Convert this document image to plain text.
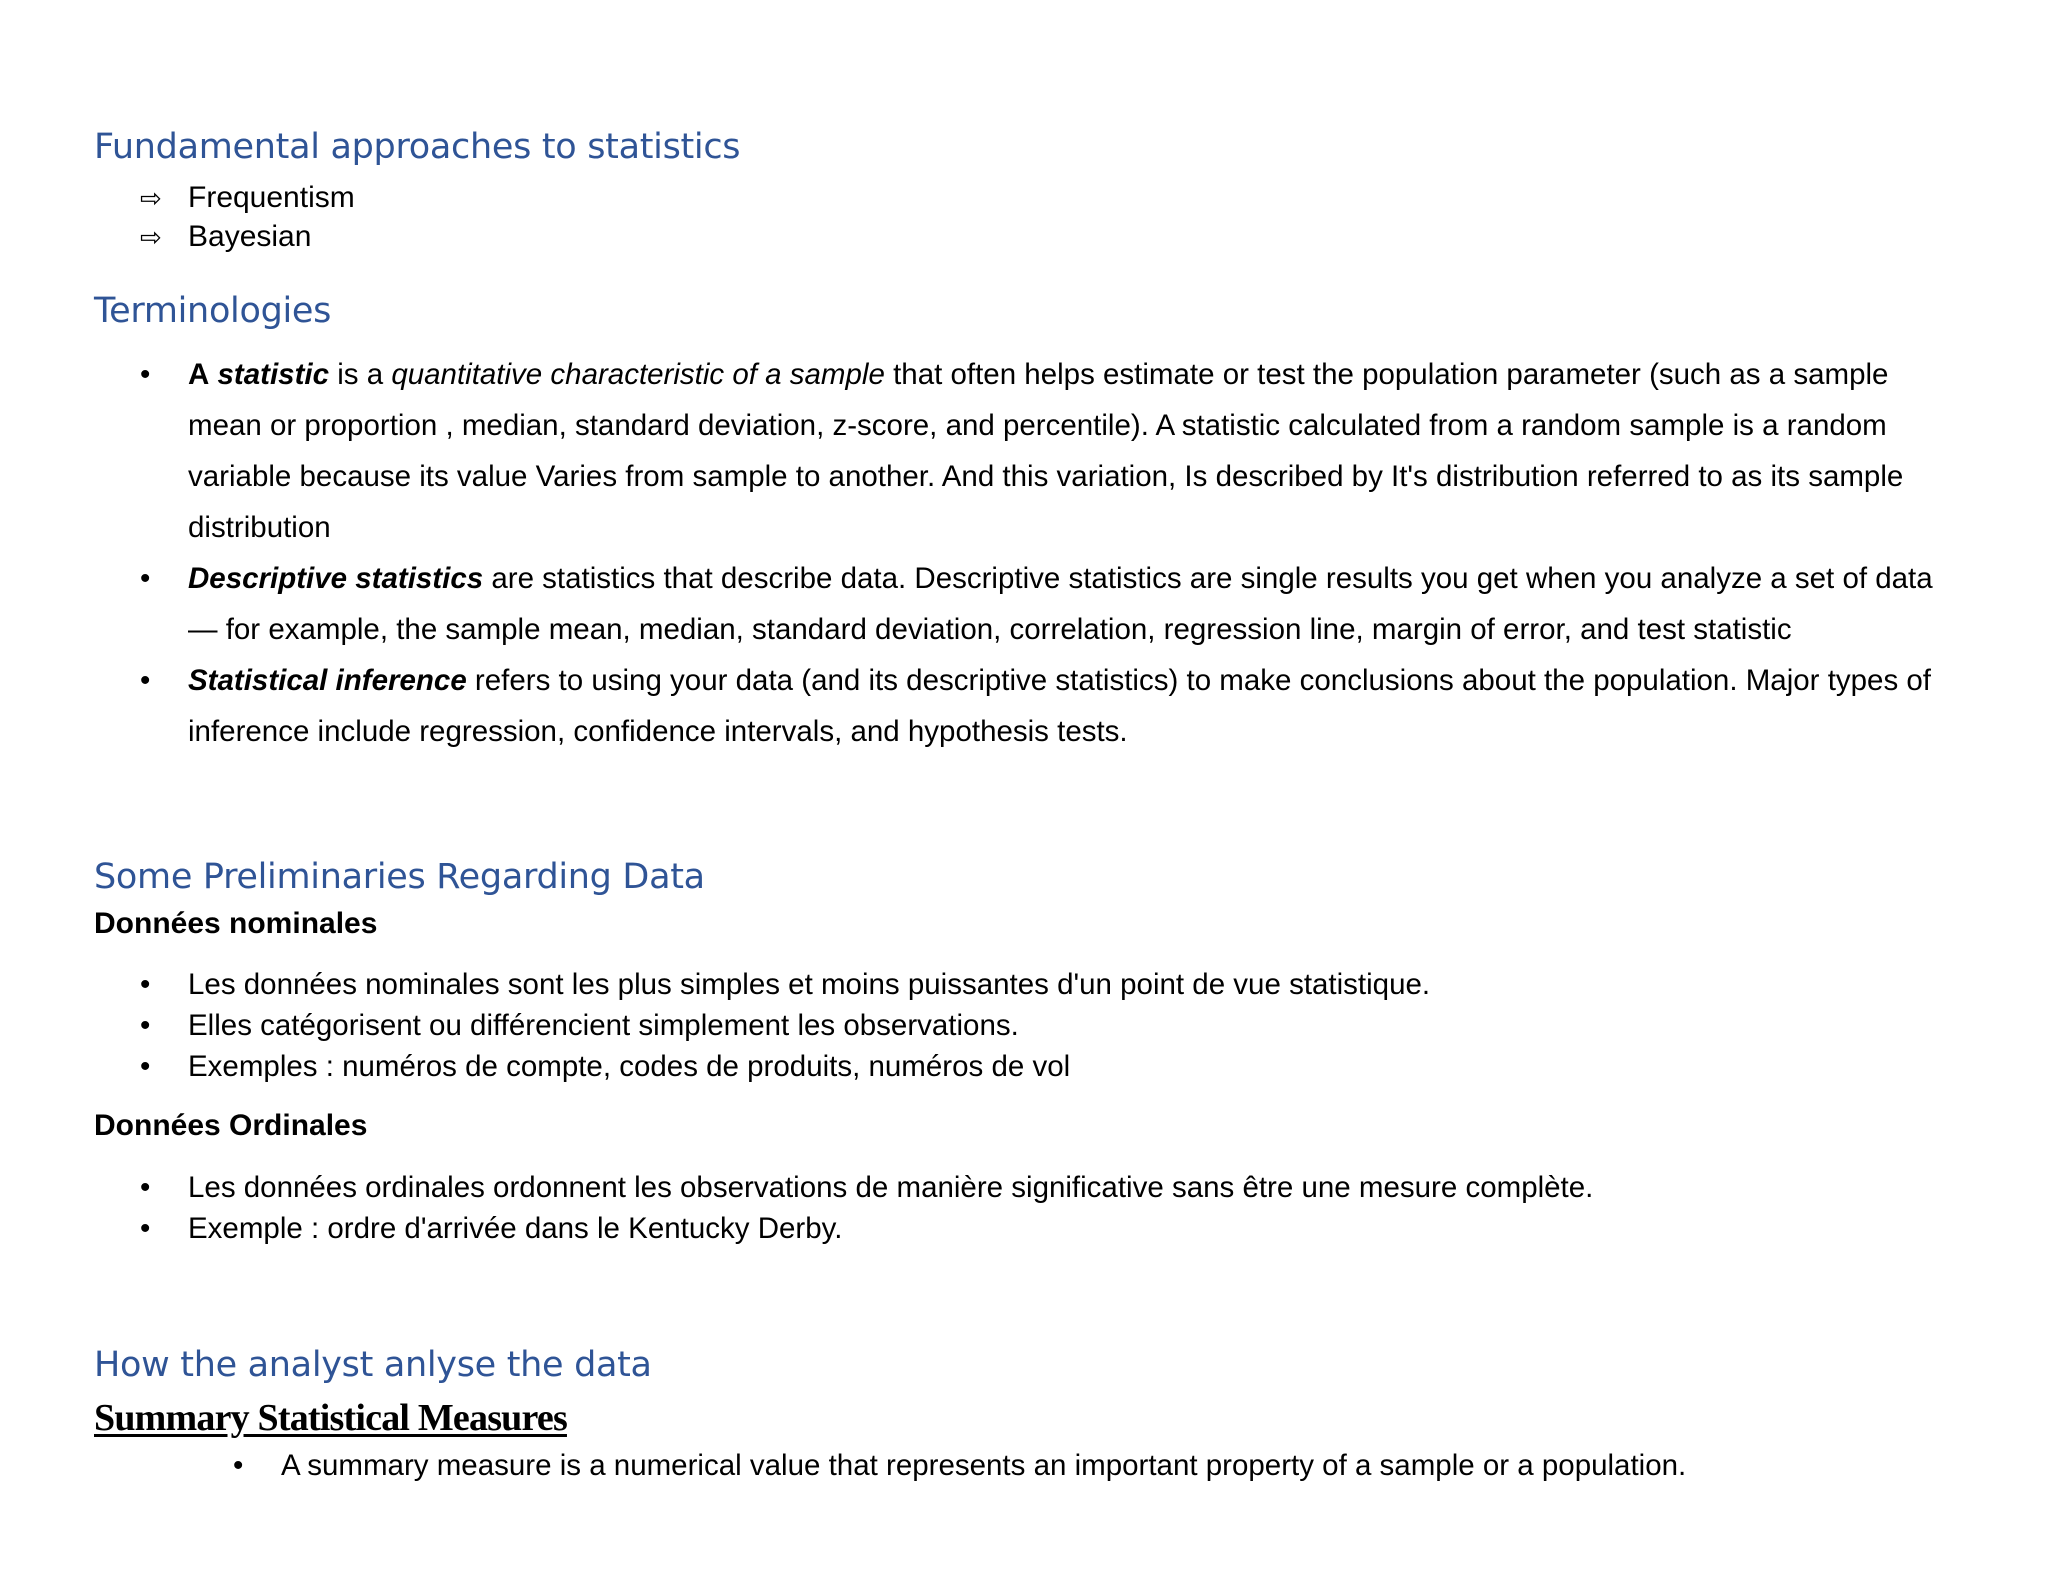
Fundamental approaches to statistics
⇨ Frequentism
⇨ Bayesian
Terminologies
•	A statistic is a quantitative characteristic of a sample that often helps estimate or test the population parameter (such as a sample mean or proportion , median, standard deviation, z-score, and percentile). A statistic calculated from a random sample is a random variable because its value Varies from sample to another. And this variation, Is described by It's distribution referred to as its sample distribution
•	Descriptive statistics are statistics that describe data. Descriptive statistics are single results you get when you analyze a set of data — for example, the sample mean, median, standard deviation, correlation, regression line, margin of error, and test statistic
•	Statistical inference refers to using your data (and its descriptive statistics) to make conclusions about the population. Major types of inference include regression, confidence intervals, and hypothesis tests.
Some Preliminaries Regarding Data
Données nominales
•	Les données nominales sont les plus simples et moins puissantes d'un point de vue statistique.
•	Elles catégorisent ou différencient simplement les observations.
•	Exemples : numéros de compte, codes de produits, numéros de vol
Données Ordinales
•	Les données ordinales ordonnent les observations de manière significative sans être une mesure complète.
•	Exemple : ordre d'arrivée dans le Kentucky Derby.
How the analyst anlyse the data
Summary Statistical Measures
•	A summary measure is a numerical value that represents an important property of a sample or a population.
